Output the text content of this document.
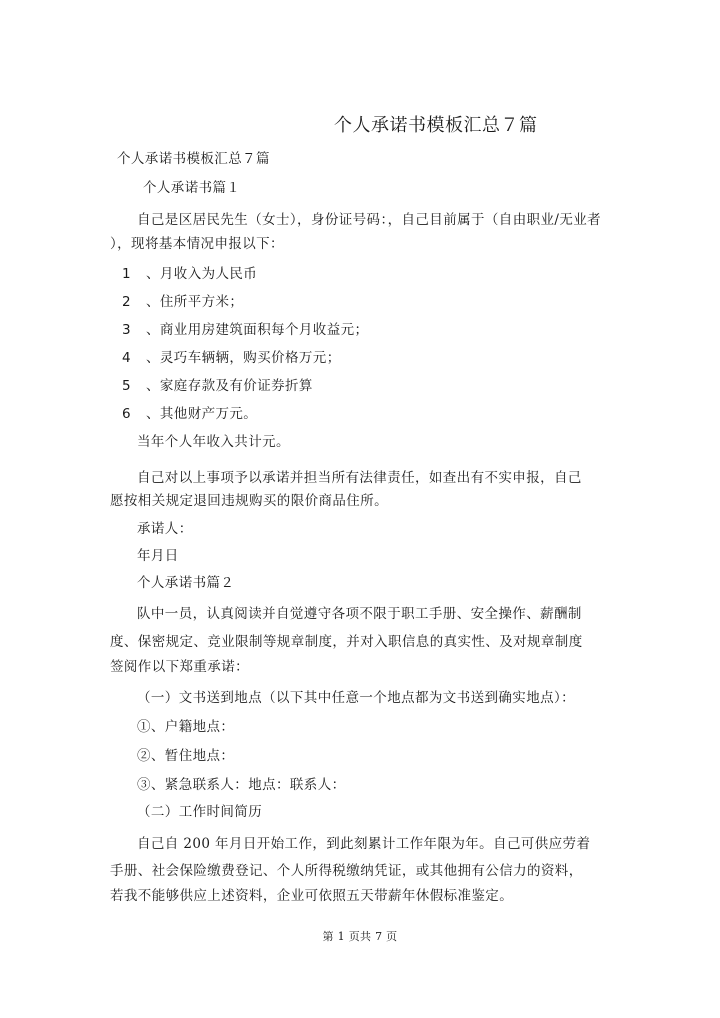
个人承诺书模板汇总７篇
个人承诺书模板汇总７篇
个人承诺书篇１
自己是区居民先生（女士），身份证号码：，自己目前属于（自由职业/无业者
），现将基本情况申报以下：
1 、月收入为人民币
2 、住所平方米；
3 、商业用房建筑面积每个月收益元；
4 、灵巧车辆辆，购买价格万元；
5 、家庭存款及有价证券折算
6 、其他财产万元。
当年个人年收入共计元。
自己对以上事项予以承诺并担当所有法律责任，如查出有不实申报，自己
愿按相关规定退回违规购买的限价商品住所。
承诺人：
年月日
个人承诺书篇２
队中一员，认真阅读并自觉遵守各项不限于职工手册、安全操作、薪酬制
度、保密规定、竞业限制等规章制度，并对入职信息的真实性、及对规章制度
签阅作以下郑重承诺：
（一）文书送到地点（以下其中任意一个地点都为文书送到确实地点）：
①、户籍地点：
②、暂住地点：
③、紧急联系人：地点：联系人：
（二）工作时间简历
自己自 200 年月日开始工作，到此刻累计工作年限为年。自己可供应劳着
手册、社会保险缴费登记、个人所得税缴纳凭证，或其他拥有公信力的资料，
若我不能够供应上述资料，企业可依照五天带薪年休假标准鉴定。
第 1 页共 7 页
